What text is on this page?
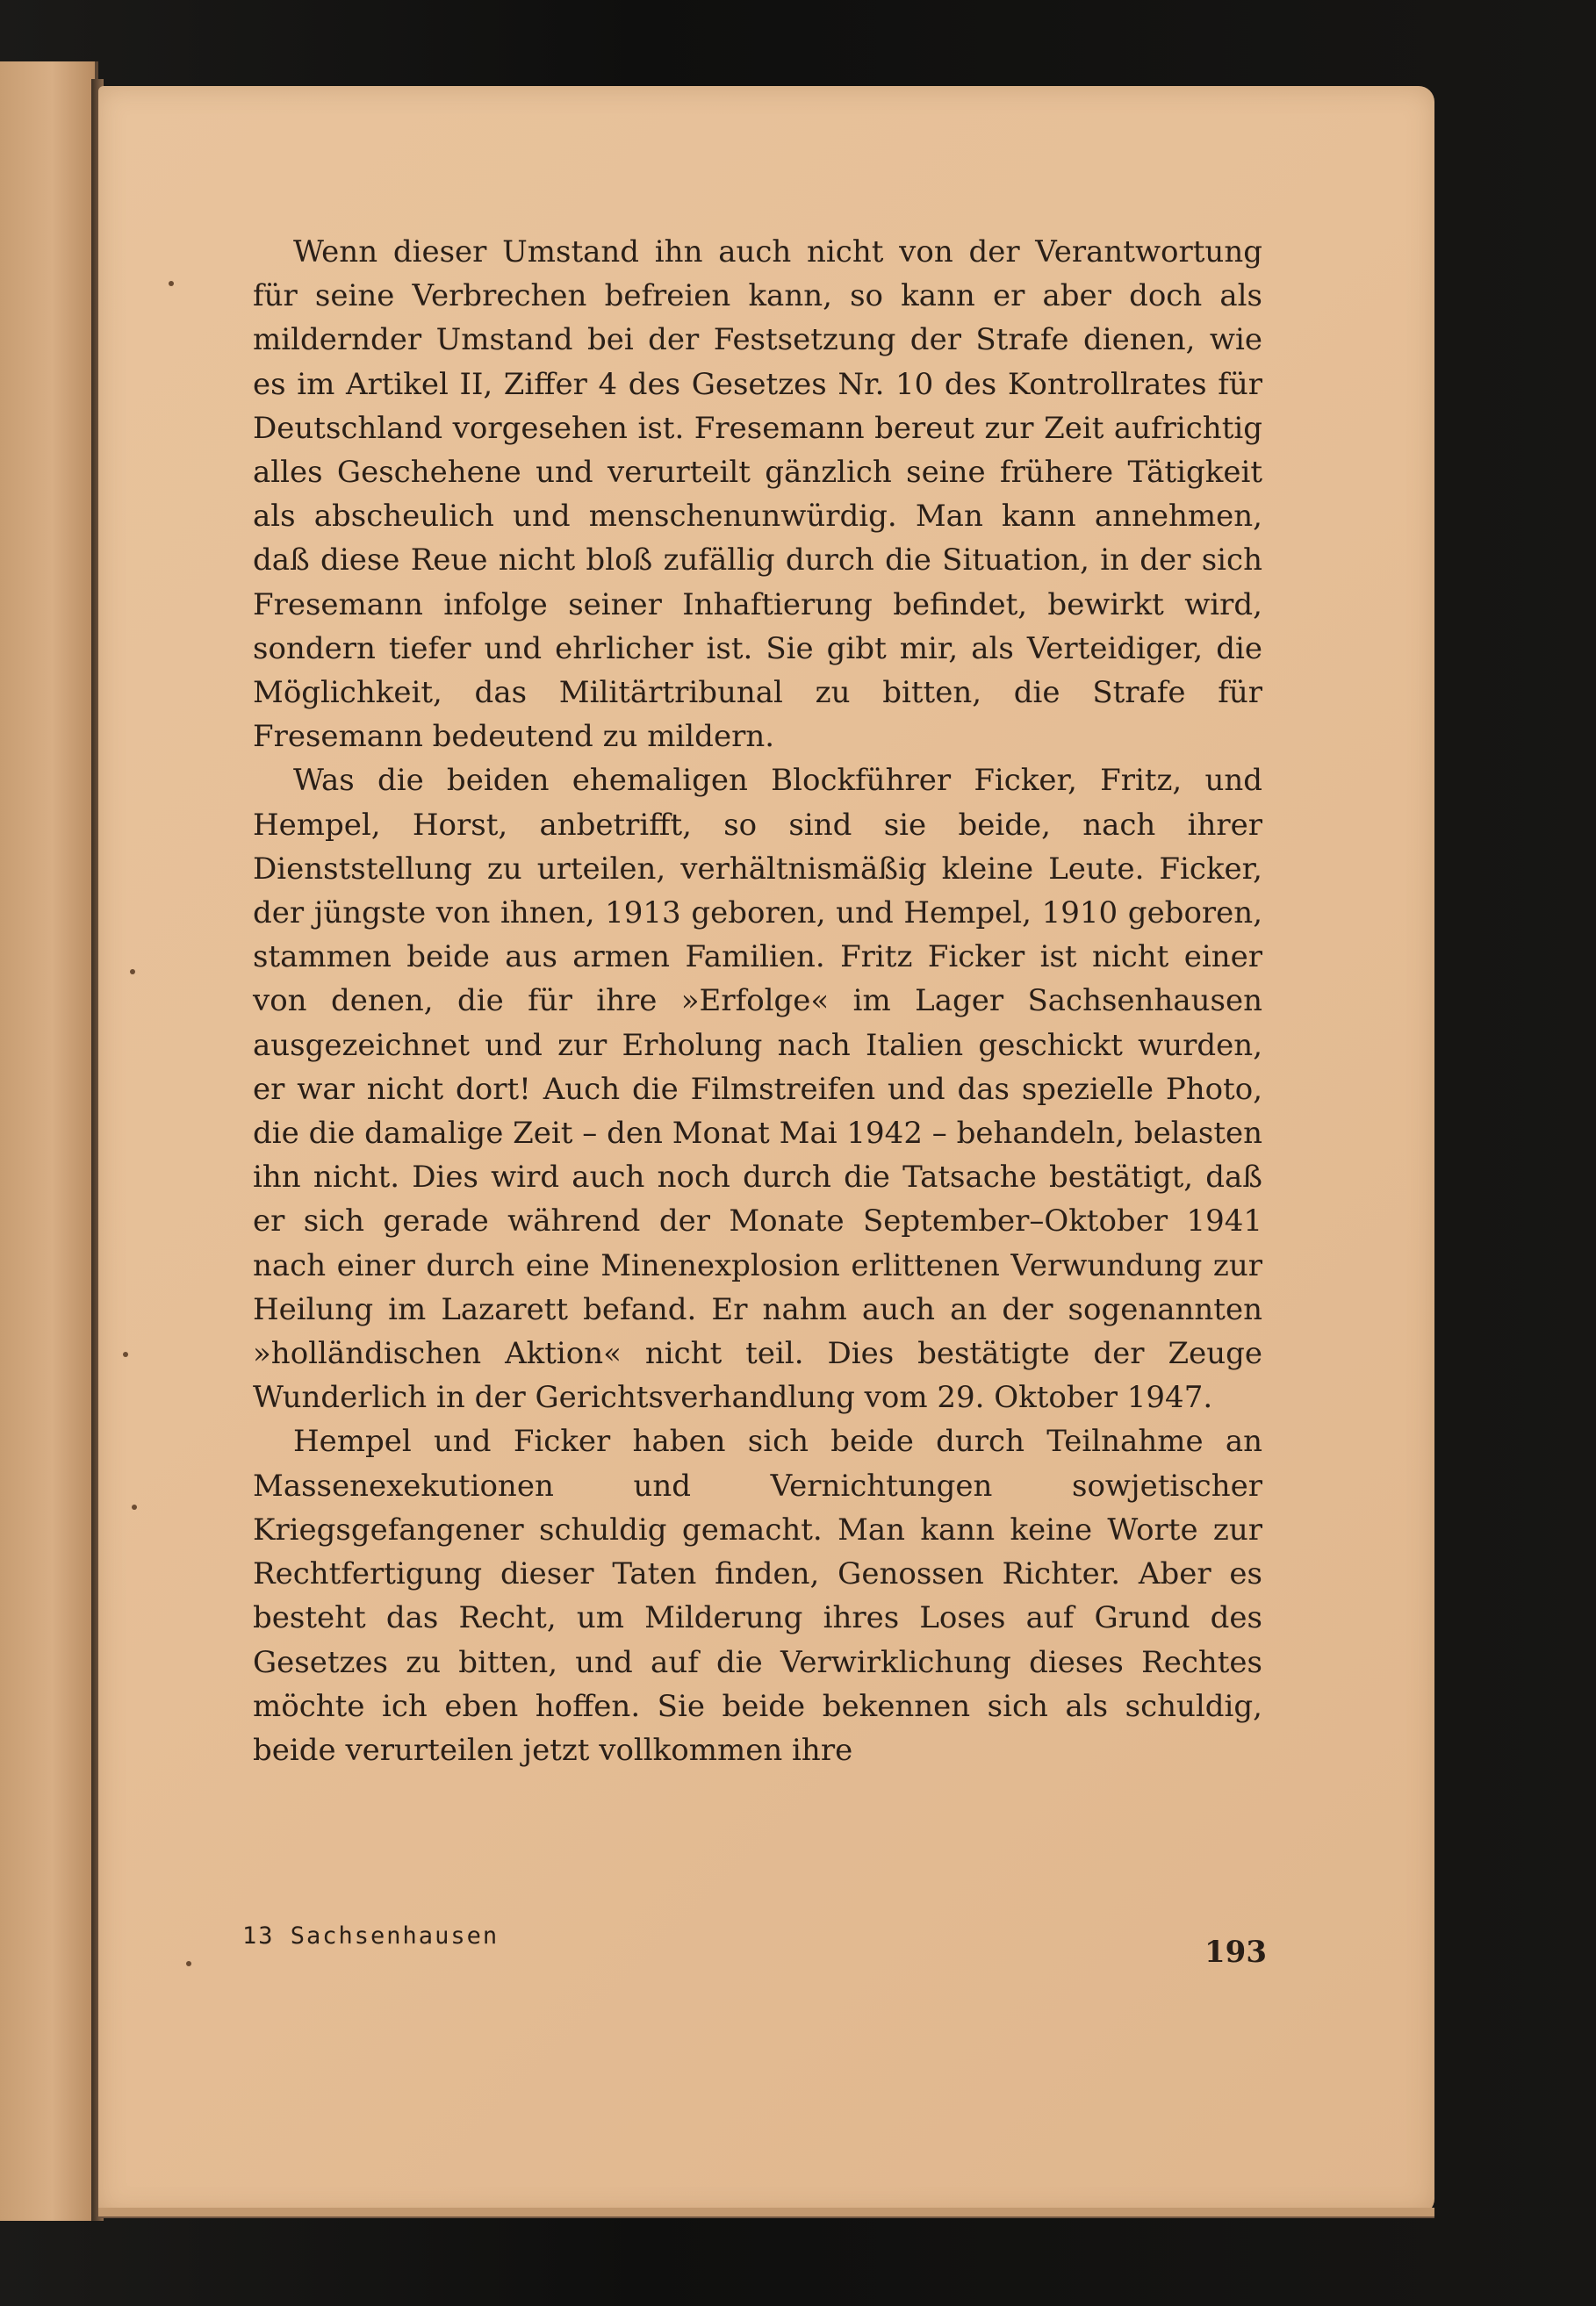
Wenn dieser Umstand ihn auch nicht von der Verantwortung für seine Verbrechen befreien kann, so kann er aber doch als mildernder Umstand bei der Festsetzung der Strafe dienen, wie es im Artikel II, Ziffer 4 des Gesetzes Nr. 10 des Kontrollrates für Deutschland vorgesehen ist. Fresemann bereut zur Zeit aufrichtig alles Geschehene und verurteilt gänzlich seine frühere Tätigkeit als abscheulich und menschenunwürdig. Man kann annehmen, daß diese Reue nicht bloß zufällig durch die Situation, in der sich Fresemann infolge seiner Inhaftierung befindet, bewirkt wird, sondern tiefer und ehrlicher ist. Sie gibt mir, als Verteidiger, die Möglichkeit, das Militärtribunal zu bitten, die Strafe für Fresemann bedeutend zu mildern.

Was die beiden ehemaligen Blockführer Ficker, Fritz, und Hempel, Horst, anbetrifft, so sind sie beide, nach ihrer Dienststellung zu urteilen, verhältnismäßig kleine Leute. Ficker, der jüngste von ihnen, 1913 geboren, und Hempel, 1910 geboren, stammen beide aus armen Familien. Fritz Ficker ist nicht einer von denen, die für ihre »Erfolge« im Lager Sachsenhausen ausgezeichnet und zur Erholung nach Italien geschickt wurden, er war nicht dort! Auch die Filmstreifen und das spezielle Photo, die die damalige Zeit – den Monat Mai 1942 – behandeln, belasten ihn nicht. Dies wird auch noch durch die Tatsache bestätigt, daß er sich gerade während der Monate September–Oktober 1941 nach einer durch eine Minenexplosion erlittenen Verwundung zur Heilung im Lazarett befand. Er nahm auch an der sogenannten »holländischen Aktion« nicht teil. Dies bestätigte der Zeuge Wunderlich in der Gerichtsverhandlung vom 29. Oktober 1947.

Hempel und Ficker haben sich beide durch Teilnahme an Massenexekutionen und Vernichtungen sowjetischer Kriegsgefangener schuldig gemacht. Man kann keine Worte zur Rechtfertigung dieser Taten finden, Genossen Richter. Aber es besteht das Recht, um Milderung ihres Loses auf Grund des Gesetzes zu bitten, und auf die Verwirklichung dieses Rechtes möchte ich eben hoffen. Sie beide bekennen sich als schuldig, beide verurteilen jetzt vollkommen ihre

13 Sachsenhausen	193
